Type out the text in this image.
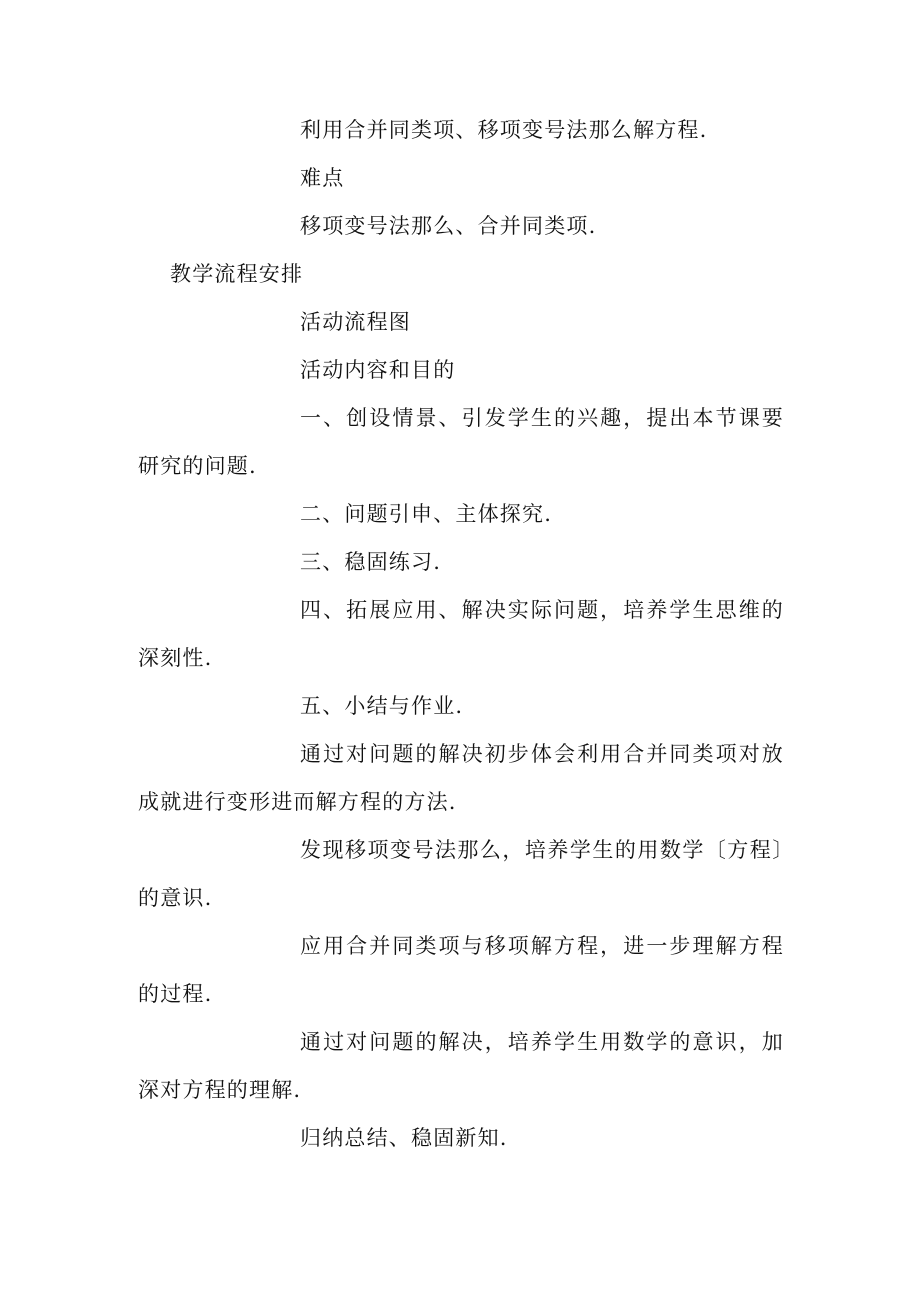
利用合并同类项、移项变号法那么解方程.

难点

移项变号法那么、合并同类项.

教学流程安排

活动流程图

活动内容和目的

一、创设情景、引发学生的兴趣，提出本节课要研究的问题.

二、问题引申、主体探究.

三、稳固练习.

四、拓展应用、解决实际问题，培养学生思维的深刻性.

五、小结与作业.

通过对问题的解决初步体会利用合并同类项对放成就进行变形进而解方程的方法.

发现移项变号法那么，培养学生的用数学〔方程〕的意识.

应用合并同类项与移项解方程，进一步理解方程的过程.

通过对问题的解决，培养学生用数学的意识，加深对方程的理解.

归纳总结、稳固新知.
